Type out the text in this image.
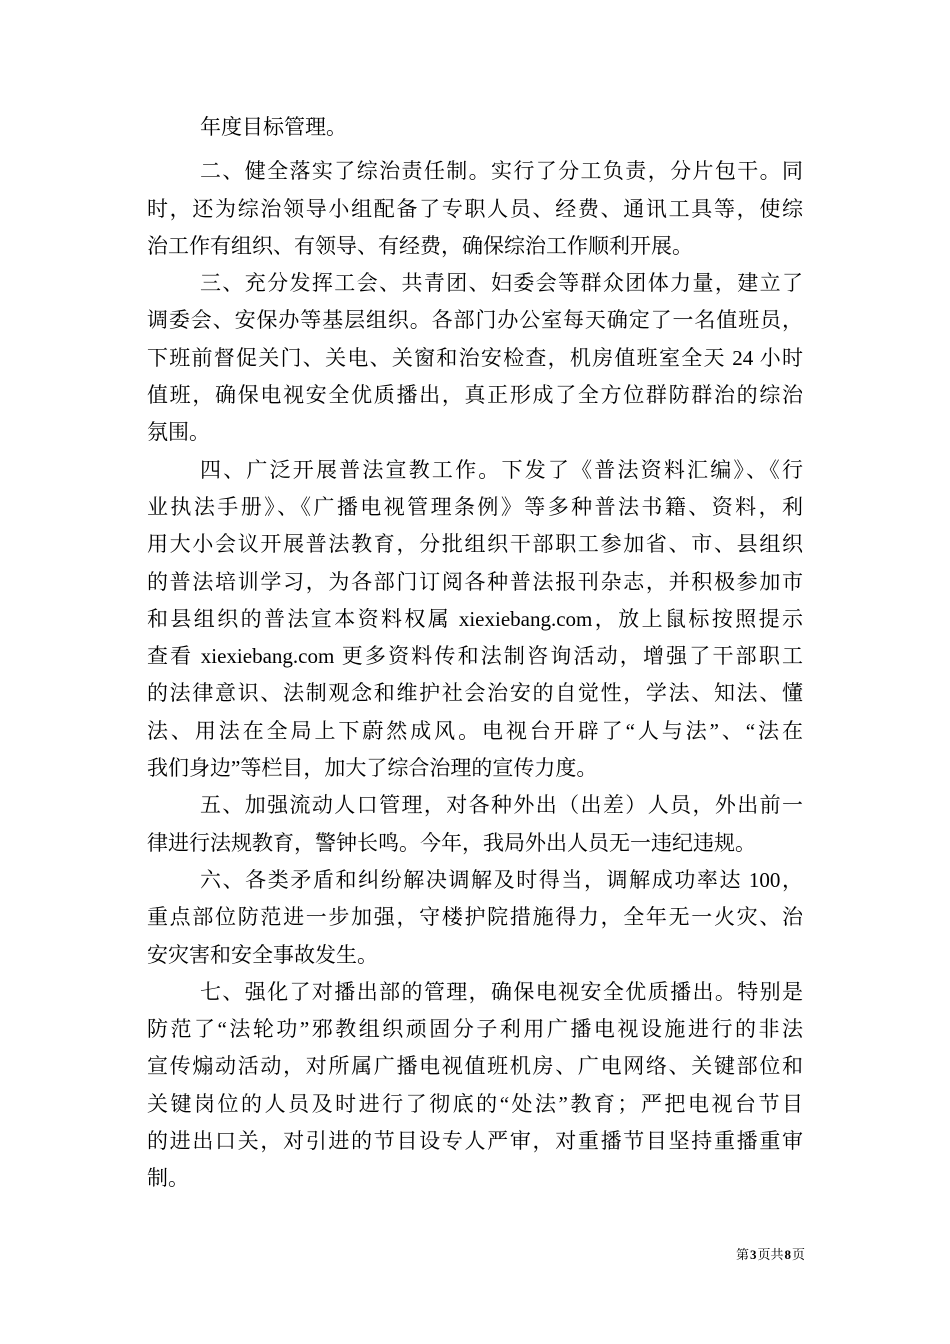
年度目标管理。
二、健全落实了综治责任制。实行了分工负责，分片包干。同
时，还为综治领导小组配备了专职人员、经费、通讯工具等，使综
治工作有组织、有领导、有经费，确保综治工作顺利开展。
三、充分发挥工会、共青团、妇委会等群众团体力量，建立了
调委会、安保办等基层组织。各部门办公室每天确定了一名值班员，
下班前督促关门、关电、关窗和治安检查，机房值班室全天 24 小时
值班，确保电视安全优质播出，真正形成了全方位群防群治的综治
氛围。
四、广泛开展普法宣教工作。下发了《普法资料汇编》、《行
业执法手册》、《广播电视管理条例》等多种普法书籍、资料，利
用大小会议开展普法教育，分批组织干部职工参加省、市、县组织
的普法培训学习，为各部门订阅各种普法报刊杂志，并积极参加市
和县组织的普法宣本资料权属 xiexiebang.com，放上鼠标按照提示
查看 xiexiebang.com 更多资料传和法制咨询活动，增强了干部职工
的法律意识、法制观念和维护社会治安的自觉性，学法、知法、懂
法、用法在全局上下蔚然成风。电视台开辟了“人与法”、“法在
我们身边”等栏目，加大了综合治理的宣传力度。
五、加强流动人口管理，对各种外出（出差）人员，外出前一
律进行法规教育，警钟长鸣。今年，我局外出人员无一违纪违规。
六、各类矛盾和纠纷解决调解及时得当，调解成功率达 100，
重点部位防范进一步加强，守楼护院措施得力，全年无一火灾、治
安灾害和安全事故发生。
七、强化了对播出部的管理，确保电视安全优质播出。特别是
防范了“法轮功”邪教组织顽固分子利用广播电视设施进行的非法
宣传煽动活动，对所属广播电视值班机房、广电网络、关键部位和
关键岗位的人员及时进行了彻底的“处法”教育；严把电视台节目
的进出口关，对引进的节目设专人严审，对重播节目坚持重播重审
制。
第3页共8页
